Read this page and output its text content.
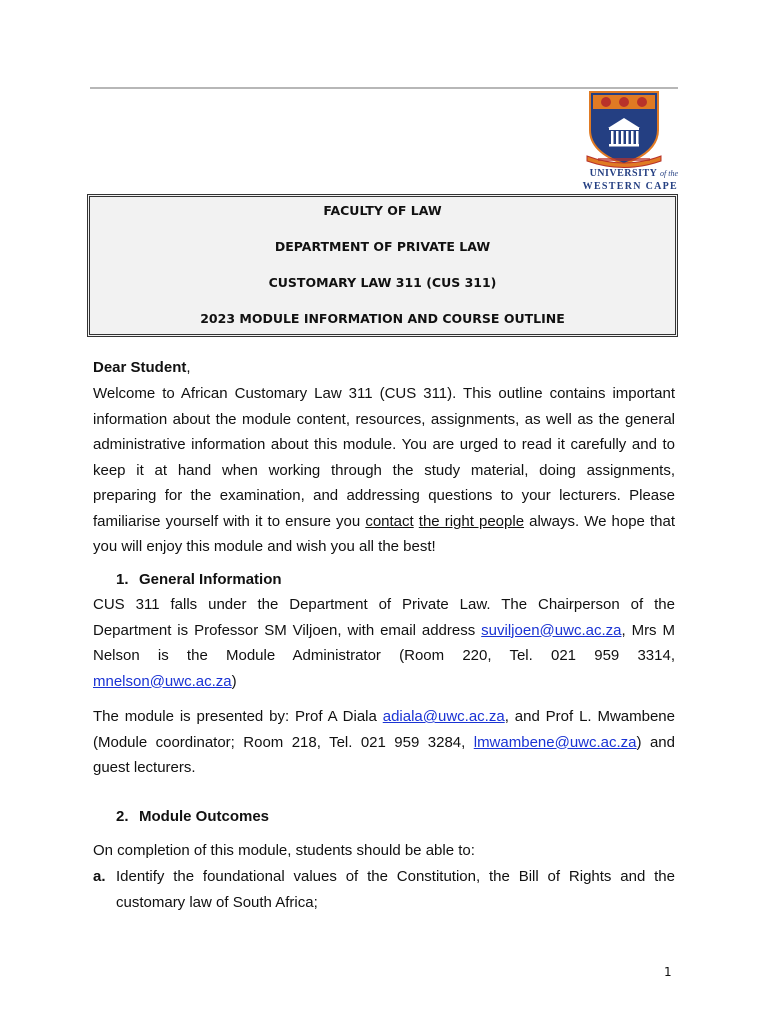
UNIVERSITY of the
WESTERN CAPE
FACULTY OF LAW
DEPARTMENT OF PRIVATE LAW
CUSTOMARY LAW 311 (CUS 311)
2023 MODULE INFORMATION AND COURSE OUTLINE
Dear Student,
Welcome to African Customary Law 311 (CUS 311). This outline contains important
information about the module content, resources, assignments, as well as the general
administrative information about this module. You are urged to read it carefully and to
keep it at hand when working through the study material, doing assignments,
preparing for the examination, and addressing questions to your lecturers. Please
familiarise yourself with it to ensure you contact the right people always. We hope that
you will enjoy this module and wish you all the best!
1. General Information
CUS 311 falls under the Department of Private Law. The Chairperson of the
Department is Professor SM Viljoen, with email address suviljoen@uwc.ac.za, Mrs M
Nelson is the Module Administrator (Room 220, Tel. 021 959 3314,
mnelson@uwc.ac.za)
The module is presented by: Prof A Diala adiala@uwc.ac.za, and Prof L. Mwambene
(Module coordinator; Room 218, Tel. 021 959 3284, lmwambene@uwc.ac.za) and
guest lecturers.
2. Module Outcomes
On completion of this module, students should be able to:
a. Identify the foundational values of the Constitution, the Bill of Rights and the
customary law of South Africa;
1
